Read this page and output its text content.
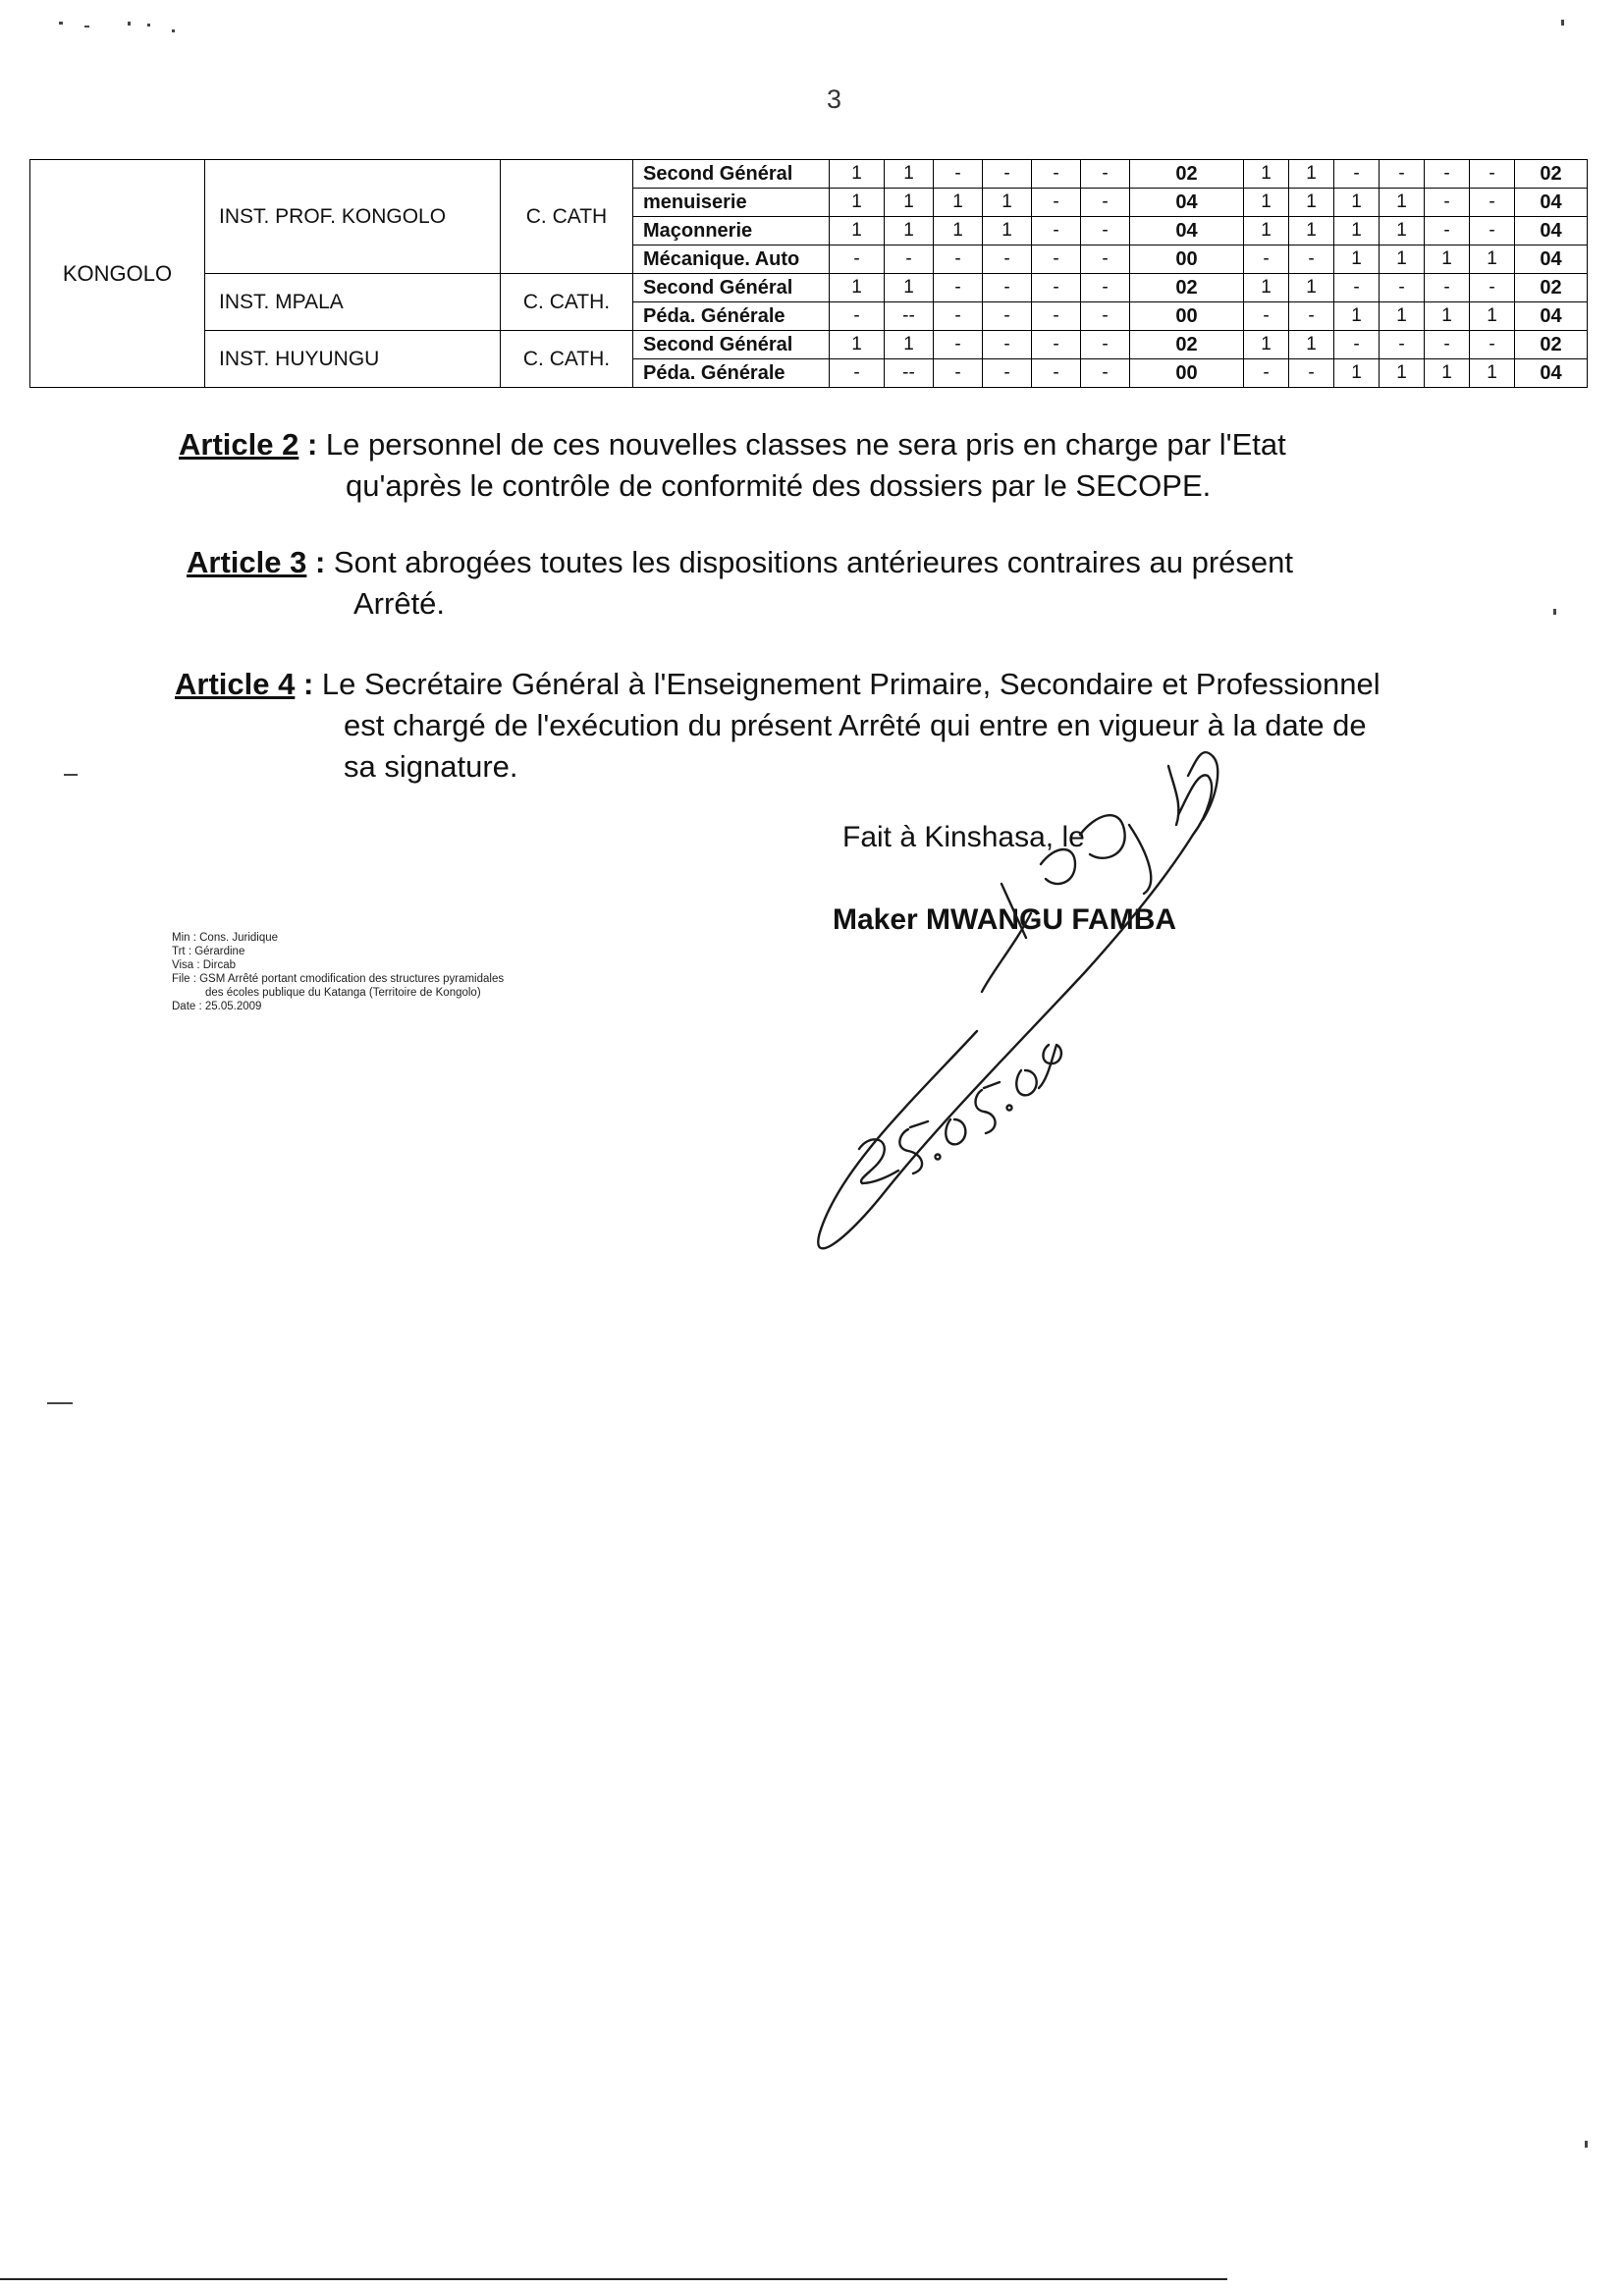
3
KONGOLO	INST. PROF. KONGOLO	C. CATH	Second Général	1	1	-	-	-	-	02	1	1	-	-	-	-	02
			menuiserie	1	1	1	1	-	-	04	1	1	1	1	-	-	04
			Maçonnerie	1	1	1	1	-	-	04	1	1	1	1	-	-	04
			Mécanique. Auto	-	-	-	-	-	-	00	-	-	1	1	1	1	04
	INST. MPALA	C. CATH.	Second Général	1	1	-	-	-	-	02	1	1	-	-	-	-	02
			Péda. Générale	-	--	-	-	-	-	00	-	-	1	1	1	1	04
	INST. HUYUNGU	C. CATH.	Second Général	1	1	-	-	-	-	02	1	1	-	-	-	-	02
			Péda. Générale	-	--	-	-	-	-	00	-	-	1	1	1	1	04
Article 2 : Le personnel de ces nouvelles classes ne sera pris en charge par l'Etat
qu'après le contrôle de conformité des dossiers par le SECOPE.
Article 3 : Sont abrogées toutes les dispositions antérieures contraires au présent
Arrêté.
Article 4 : Le Secrétaire Général à l'Enseignement Primaire, Secondaire et Professionnel
est chargé de l'exécution du présent Arrêté qui entre en vigueur à la date de
sa signature.
Fait à Kinshasa, le
Maker MWANGU FAMBA
Min : Cons. Juridique
Trt : Gérardine
Visa : Dircab
File : GSM Arrêté portant cmodification des structures pyramidales
des écoles publique du Katanga (Territoire de Kongolo)
Date : 25.05.2009
